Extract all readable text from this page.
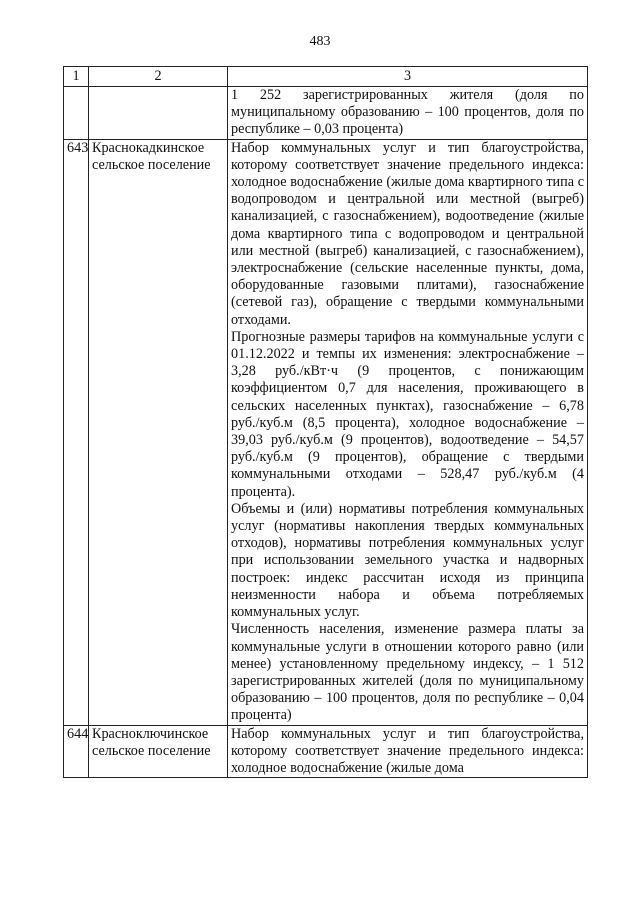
483
1	2	3

		1 252 зарегистрированных жителя (доля по муниципальному образованию – 100 процентов, доля по республике – 0,03 процента)

643	Краснокадкинское сельское поселение	Набор коммунальных услуг и тип благоустройства, которому соответствует значение предельного индекса: холодное водоснабжение (жилые дома квартирного типа с водопроводом и центральной или местной (выгреб) канализацией, с газоснабжением), водоотведение (жилые дома квартирного типа с водопроводом и центральной или местной (выгреб) канализацией, с газоснабжением), электроснабжение (сельские населенные пункты, дома, оборудованные газовыми плитами), газоснабжение (сетевой газ), обращение с твердыми коммунальными отходами.

Прогнозные размеры тарифов на коммунальные услуги с 01.12.2022 и темпы их изменения: электроснабжение – 3,28 руб./кВт·ч (9 процентов, с понижающим коэффициентом 0,7 для населения, проживающего в сельских населенных пунктах), газоснабжение – 6,78 руб./куб.м (8,5 процента), холодное водоснабжение – 39,03 руб./куб.м (9 процентов), водоотведение – 54,57 руб./куб.м (9 процентов), обращение с твердыми коммунальными отходами – 528,47 руб./куб.м (4 процента).

Объемы и (или) нормативы потребления коммунальных услуг (нормативы накопления твердых коммунальных отходов), нормативы потребления коммунальных услуг при использовании земельного участка и надворных построек: индекс рассчитан исходя из принципа неизменности набора и объема потребляемых коммунальных услуг.

Численность населения, изменение размера платы за коммунальные услуги в отношении которого равно (или менее) установленному предельному индексу, – 1 512 зарегистрированных жителей (доля по муниципальному образованию – 100 процентов, доля по республике – 0,04 процента)

644	Красноключинское сельское поселение	Набор коммунальных услуг и тип благоустройства, которому соответствует значение предельного индекса: холодное водоснабжение (жилые дома
